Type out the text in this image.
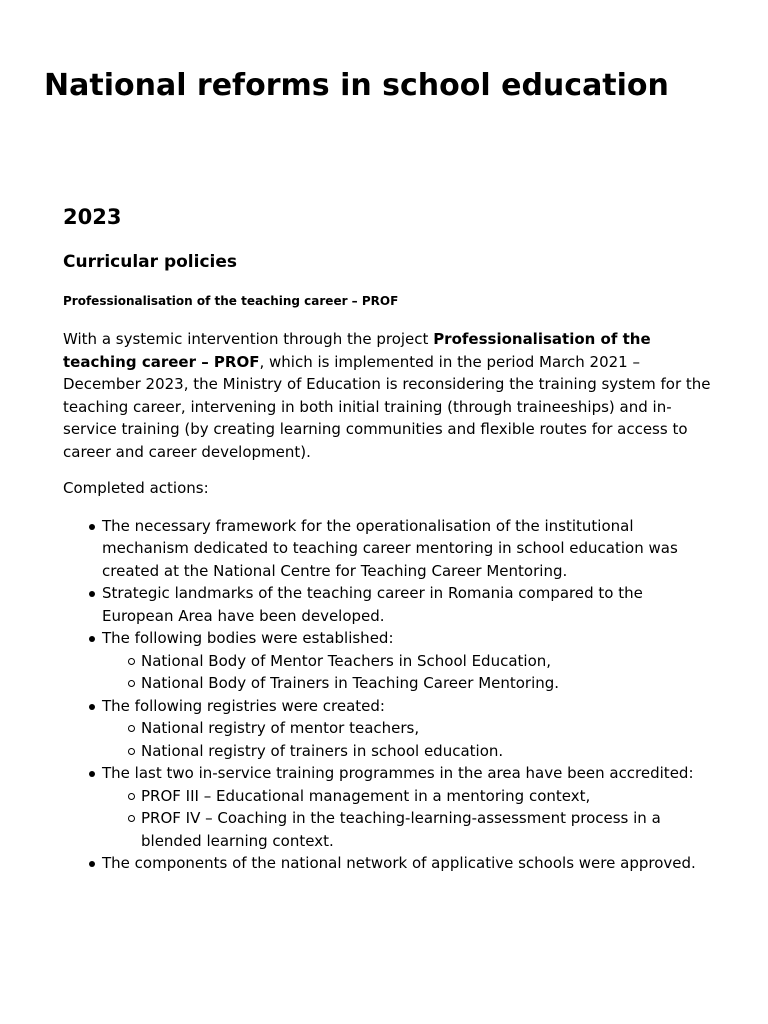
National reforms in school education
2023
Curricular policies
Professionalisation of the teaching career – PROF

With a systemic intervention through the project Professionalisation of the teaching career – PROF, which is implemented in the period March 2021 – December 2023, the Ministry of Education is reconsidering the training system for the teaching career, intervening in both initial training (through traineeships) and in-service training (by creating learning communities and flexible routes for access to career and career development).

Completed actions:

The necessary framework for the operationalisation of the institutional mechanism dedicated to teaching career mentoring in school education was created at the National Centre for Teaching Career Mentoring.
Strategic landmarks of the teaching career in Romania compared to the European Area have been developed.
The following bodies were established:
National Body of Mentor Teachers in School Education,
National Body of Trainers in Teaching Career Mentoring.
The following registries were created:
National registry of mentor teachers,
National registry of trainers in school education.
The last two in-service training programmes in the area have been accredited:
PROF III – Educational management in a mentoring context,
PROF IV – Coaching in the teaching-learning-assessment process in a blended learning context.
The components of the national network of applicative schools were approved.
